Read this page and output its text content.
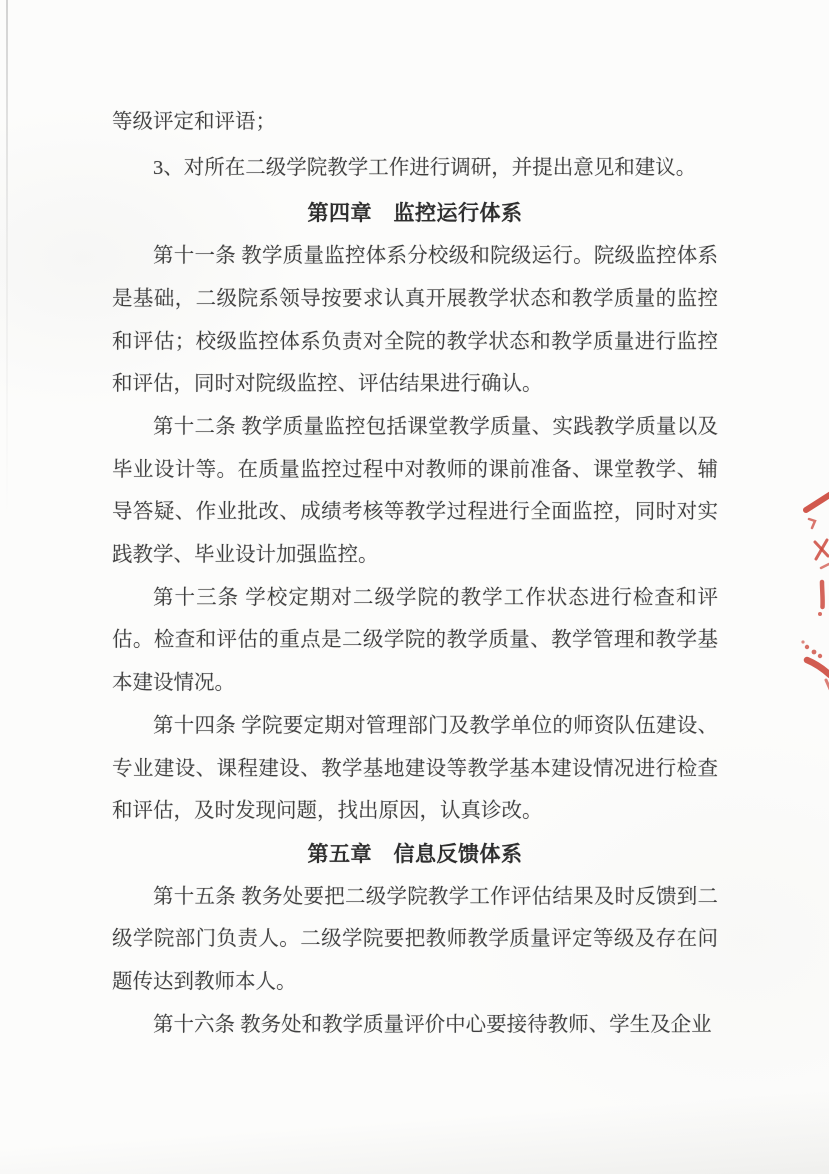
等级评定和评语；

3、对所在二级学院教学工作进行调研，并提出意见和建议。

第四章　监控运行体系

第十一条 教学质量监控体系分校级和院级运行。院级监控体系是基础，二级院系领导按要求认真开展教学状态和教学质量的监控和评估；校级监控体系负责对全院的教学状态和教学质量进行监控和评估，同时对院级监控、评估结果进行确认。

第十二条 教学质量监控包括课堂教学质量、实践教学质量以及毕业设计等。在质量监控过程中对教师的课前准备、课堂教学、辅导答疑、作业批改、成绩考核等教学过程进行全面监控，同时对实践教学、毕业设计加强监控。

第十三条 学校定期对二级学院的教学工作状态进行检查和评估。检查和评估的重点是二级学院的教学质量、教学管理和教学基本建设情况。

第十四条 学院要定期对管理部门及教学单位的师资队伍建设、专业建设、课程建设、教学基地建设等教学基本建设情况进行检查和评估，及时发现问题，找出原因，认真诊改。

第五章　信息反馈体系

第十五条 教务处要把二级学院教学工作评估结果及时反馈到二级学院部门负责人。二级学院要把教师教学质量评定等级及存在问题传达到教师本人。

第十六条 教务处和教学质量评价中心要接待教师、学生及企业
